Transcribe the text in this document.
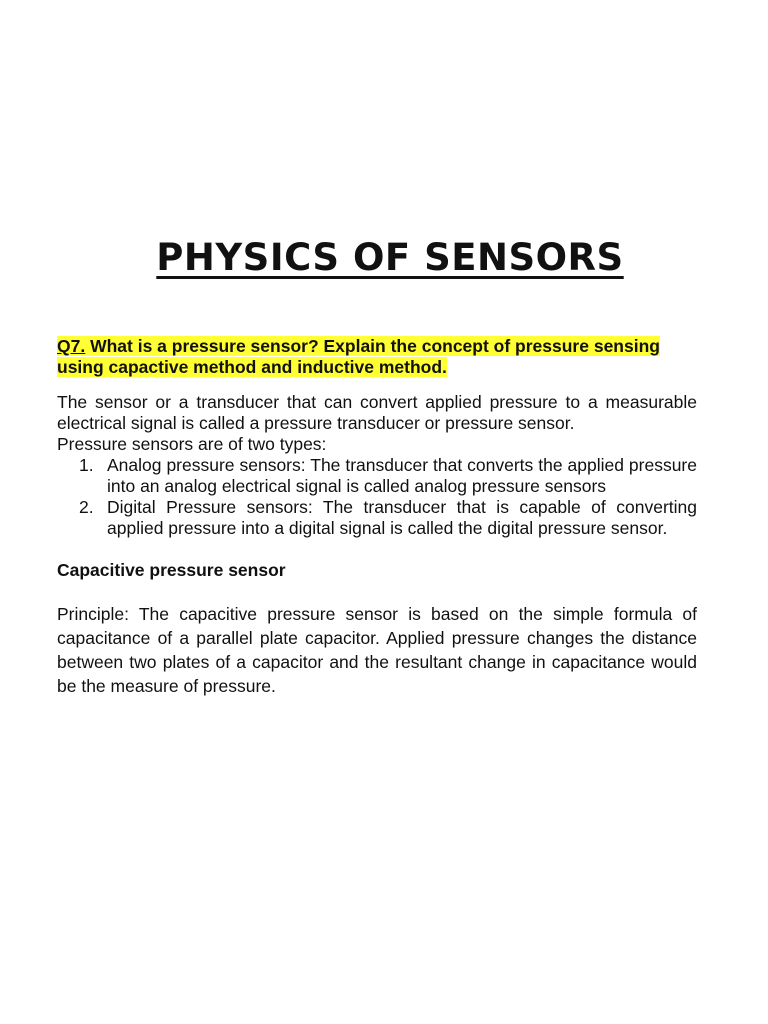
PHYSICS OF SENSORS

Q7. What is a pressure sensor? Explain the concept of pressure sensing using capactive method and inductive method.

The sensor or a transducer that can convert applied pressure to a measurable electrical signal is called a pressure transducer or pressure sensor.

Pressure sensors are of two types:

1. Analog pressure sensors: The transducer that converts the applied pressure into an analog electrical signal is called analog pressure sensors
2. Digital Pressure sensors: The transducer that is capable of converting applied pressure into a digital signal is called the digital pressure sensor.

Capacitive pressure sensor

Principle: The capacitive pressure sensor is based on the simple formula of capacitance of a parallel plate capacitor. Applied pressure changes the distance between two plates of a capacitor and the resultant change in capacitance would be the measure of pressure.
